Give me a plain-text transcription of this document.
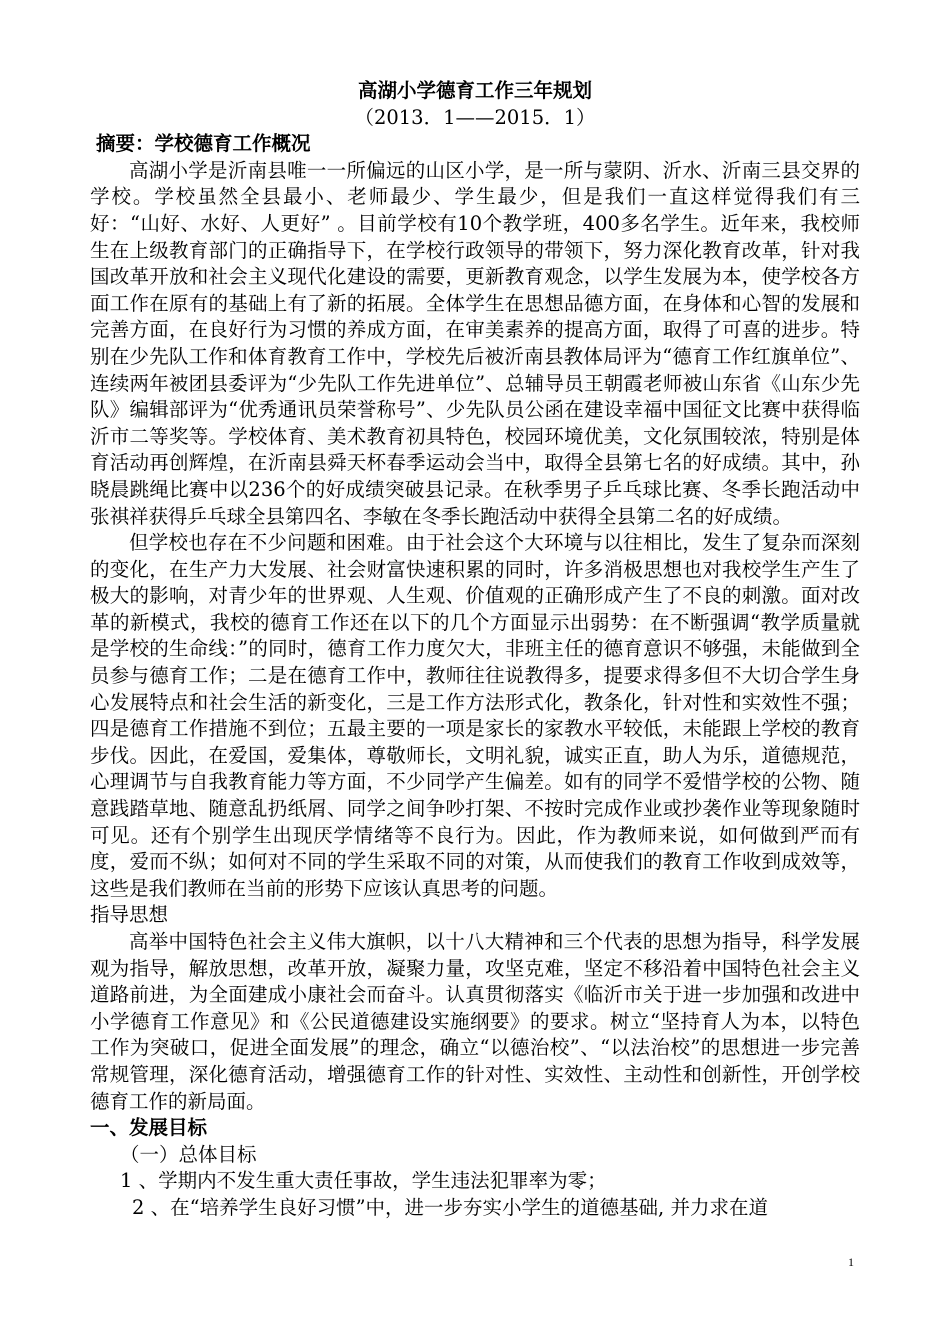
高湖小学德育工作三年规划

（2013．1——2015．1）

摘要：学校德育工作概况

高湖小学是沂南县唯一一所偏远的山区小学，是一所与蒙阴、沂水、沂南三县交界的学校。学校虽然全县最小、老师最少、学生最少，但是我们一直这样觉得我们有三好：“山好、水好、人更好” 。目前学校有10个教学班，400多名学生。近年来，我校师生在上级教育部门的正确指导下，在学校行政领导的带领下，努力深化教育改革，针对我国改革开放和社会主义现代化建设的需要，更新教育观念，以学生发展为本，使学校各方面工作在原有的基础上有了新的拓展。全体学生在思想品德方面，在身体和心智的发展和完善方面，在良好行为习惯的养成方面，在审美素养的提高方面，取得了可喜的进步。特别在少先队工作和体育教育工作中，学校先后被沂南县教体局评为“德育工作红旗单位”、连续两年被团县委评为“少先队工作先进单位”、总辅导员王朝霞老师被山东省《山东少先队》编辑部评为“优秀通讯员荣誉称号”、少先队员公函在建设幸福中国征文比赛中获得临沂市二等奖等。学校体育、美术教育初具特色，校园环境优美，文化氛围较浓，特别是体育活动再创辉煌，在沂南县舜天杯春季运动会当中，取得全县第七名的好成绩。其中，孙晓晨跳绳比赛中以236个的好成绩突破县记录。在秋季男子乒乓球比赛、冬季长跑活动中张祺祥获得乒乓球全县第四名、李敏在冬季长跑活动中获得全县第二名的好成绩。

但学校也存在不少问题和困难。由于社会这个大环境与以往相比，发生了复杂而深刻的变化，在生产力大发展、社会财富快速积累的同时，许多消极思想也对我校学生产生了极大的影响，对青少年的世界观、人生观、价值观的正确形成产生了不良的刺激。面对改革的新模式，我校的德育工作还在以下的几个方面显示出弱势：在不断强调“教学质量就是学校的生命线：”的同时，德育工作力度欠大，非班主任的德育意识不够强，未能做到全员参与德育工作；二是在德育工作中，教师往往说教得多，提要求得多但不大切合学生身心发展特点和社会生活的新变化，三是工作方法形式化，教条化，针对性和实效性不强；四是德育工作措施不到位；五最主要的一项是家长的家教水平较低，未能跟上学校的教育步伐。因此，在爱国，爱集体，尊敬师长，文明礼貌，诚实正直，助人为乐，道德规范，心理调节与自我教育能力等方面，不少同学产生偏差。如有的同学不爱惜学校的公物、随意践踏草地、随意乱扔纸屑、同学之间争吵打架、不按时完成作业或抄袭作业等现象随时可见。还有个别学生出现厌学情绪等不良行为。因此，作为教师来说，如何做到严而有度，爱而不纵；如何对不同的学生采取不同的对策，从而使我们的教育工作收到成效等，这些是我们教师在当前的形势下应该认真思考的问题。

指导思想

高举中国特色社会主义伟大旗帜，以十八大精神和三个代表的思想为指导，科学发展观为指导，解放思想，改革开放，凝聚力量，攻坚克难，坚定不移沿着中国特色社会主义道路前进，为全面建成小康社会而奋斗。认真贯彻落实《临沂市关于进一步加强和改进中小学德育工作意见》和《公民道德建设实施纲要》的要求。树立“坚持育人为本，以特色工作为突破口，促进全面发展”的理念，确立“以德治校”、“以法治校”的思想进一步完善常规管理，深化德育活动，增强德育工作的针对性、实效性、主动性和创新性，开创学校德育工作的新局面。

一、发展目标

（一）总体目标

1 、学期内不发生重大责任事故，学生违法犯罪率为零；

2 、在“培养学生良好习惯”中，进一步夯实小学生的道德基础, 并力求在道

1
